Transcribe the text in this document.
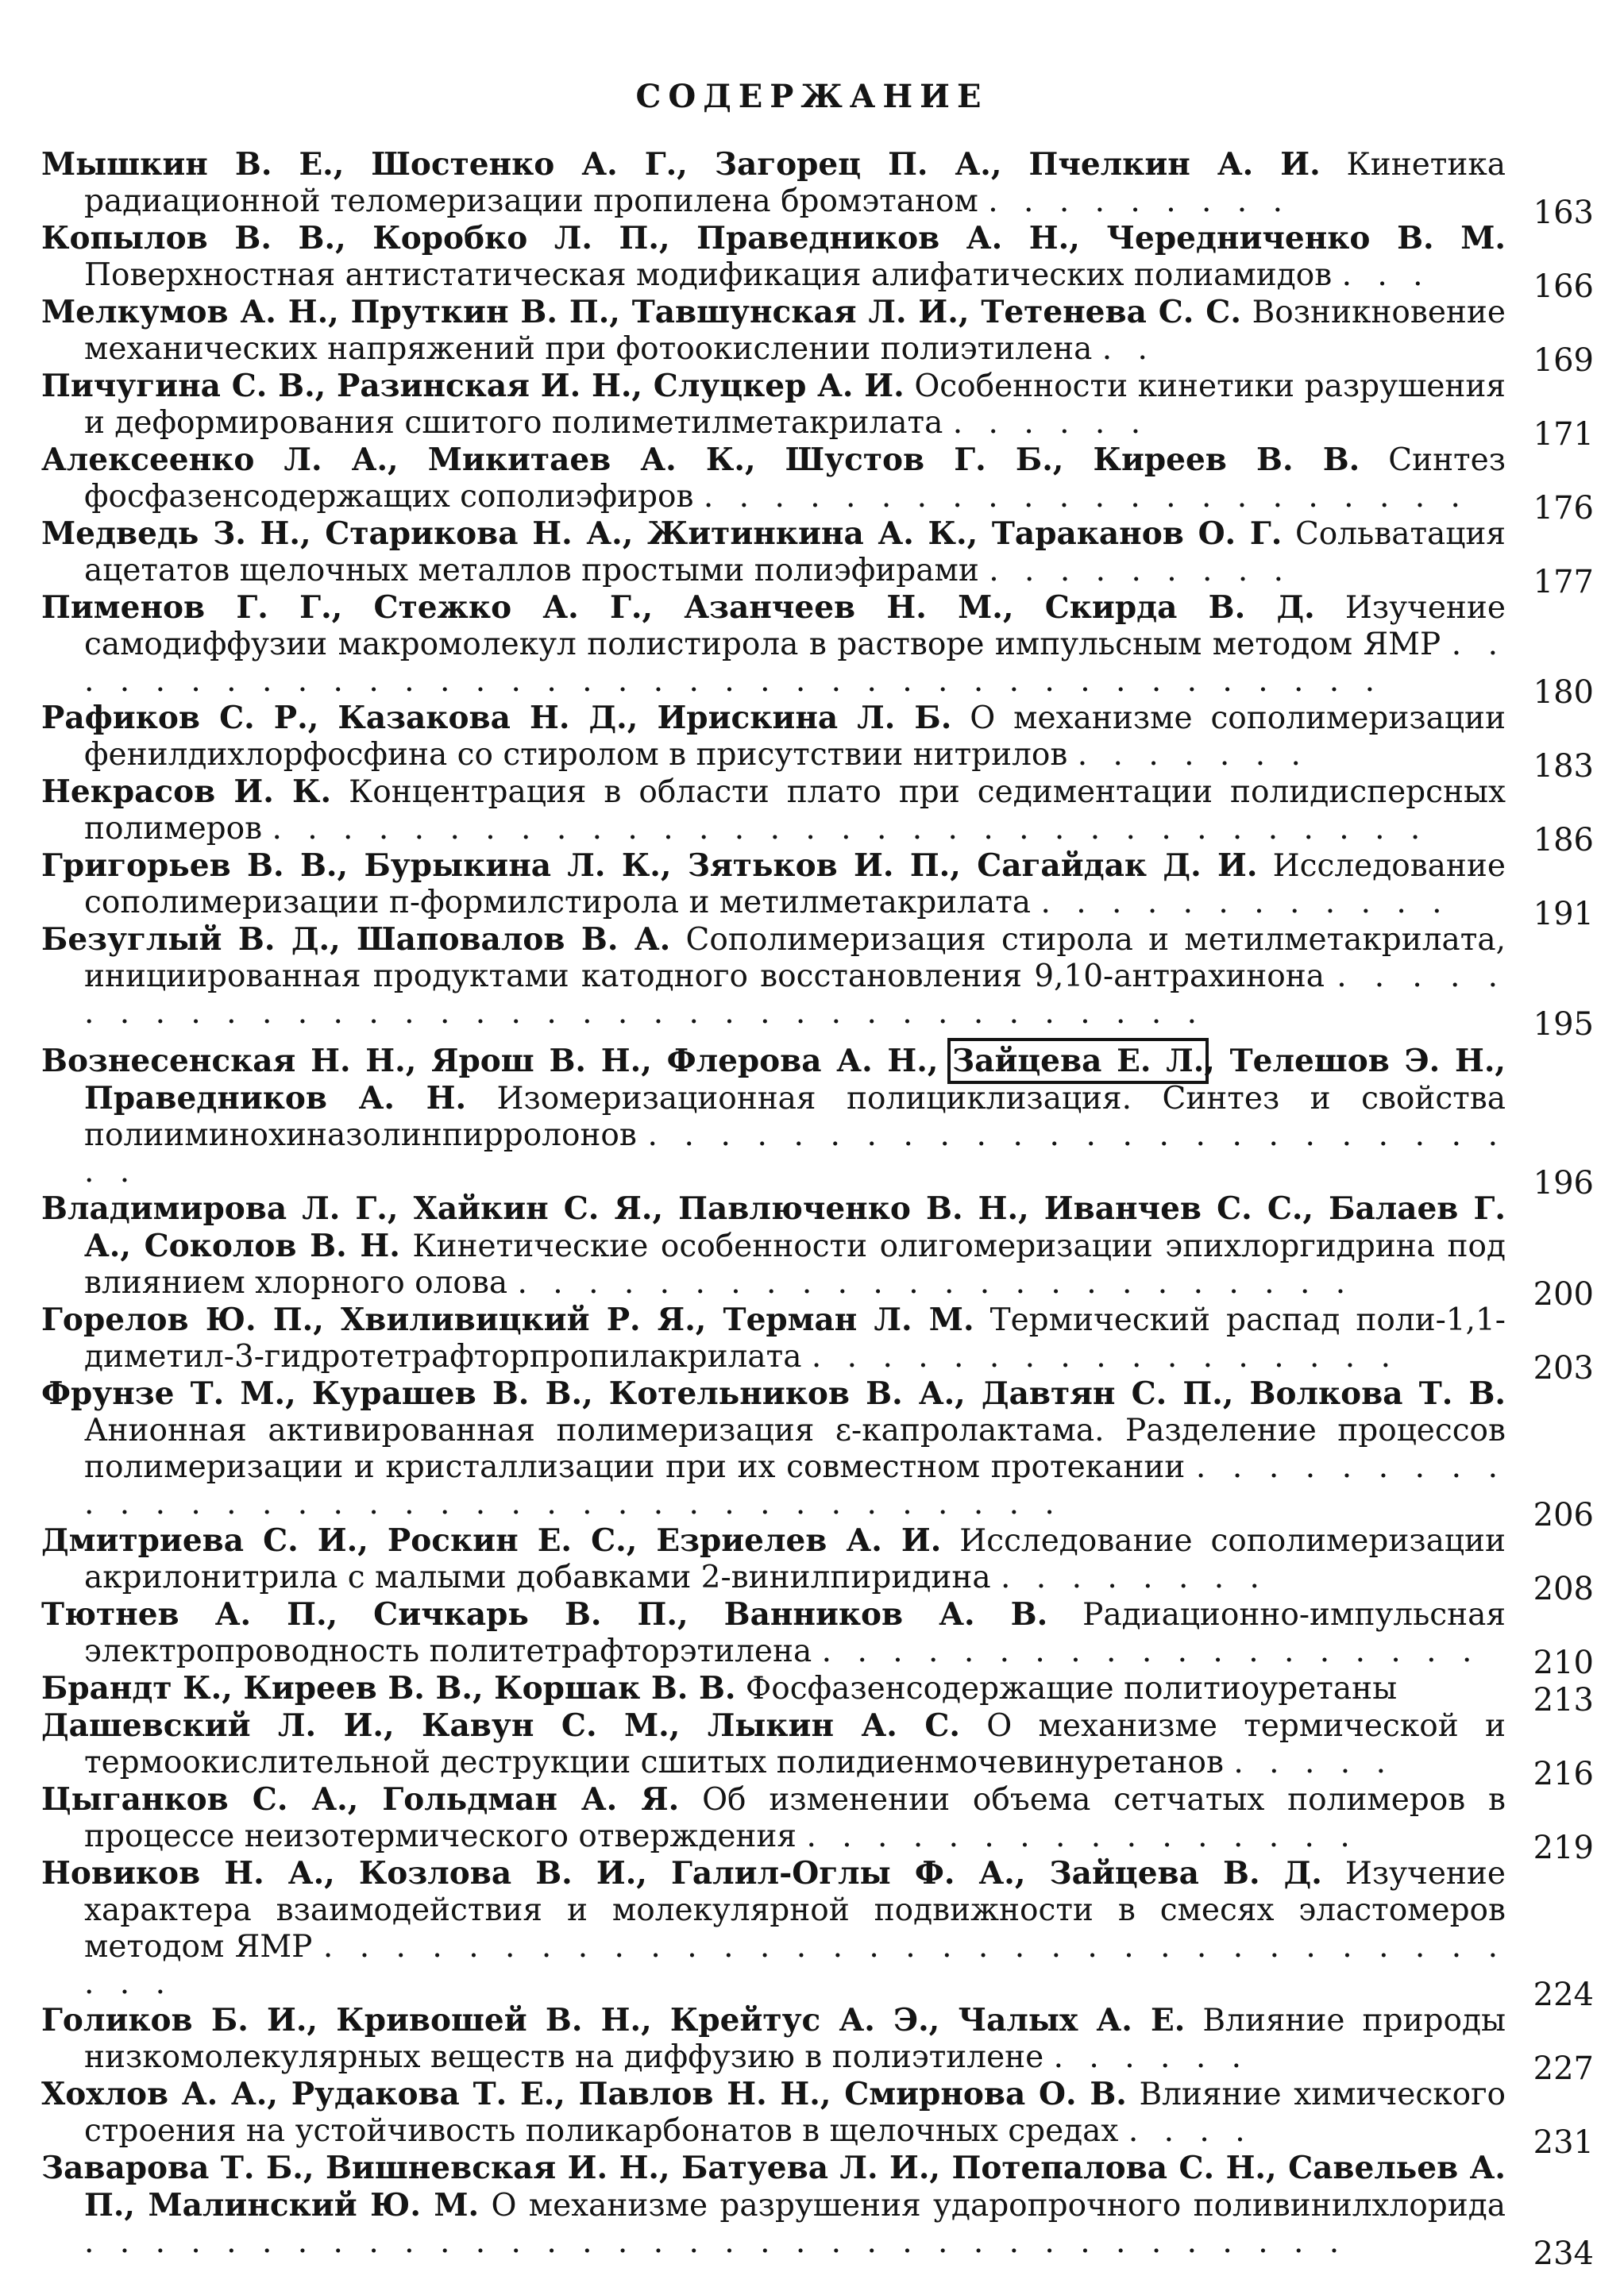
СОДЕРЖАНИЕ
Мышкин В. Е., Шостенко А. Г., Загорец П. А., Пчелкин А. И. Кинетика радиационной теломеризации пропилена бромэтаном . . . . . . . . .	163
Копылов В. В., Коробко Л. П., Праведников А. Н., Чередниченко В. М. Поверхностная антистатическая модификация алифатических полиамидов . . .	166
Мелкумов А. Н., Пруткин В. П., Тавшунская Л. И., Тетенева С. С. Возникновение механических напряжений при фотоокислении полиэтилена . .	169
Пичугина С. В., Разинская И. Н., Слуцкер А. И. Особенности кинетики разрушения и деформирования сшитого полиметилметакрилата . . . . . .	171
Алексеенко Л. А., Микитаев А. К., Шустов Г. Б., Киреев В. В. Синтез фосфазенсодержащих сополиэфиров . . . . . . . . . . . . . . . . . . . . . .	176
Медведь З. Н., Старикова Н. А., Житинкина А. К., Тараканов О. Г. Сольватация ацетатов щелочных металлов простыми полиэфирами . . . . . . . . .	177
Пименов Г. Г., Стежко А. Г., Азанчеев Н. М., Скирда В. Д. Изучение самодиффузии макромолекул полистирола в растворе импульсным методом ЯМР . . . . . . . . . . . . . . . . . . . . . . . . . . . . . . . . . . . . . . .	180
Рафиков С. Р., Казакова Н. Д., Ирискина Л. Б. О механизме сополимеризации фенилдихлорфосфина со стиролом в присутствии нитрилов . . . . . . .	183
Некрасов И. К. Концентрация в области плато при седиментации полидисперсных полимеров . . . . . . . . . . . . . . . . . . . . . . . . . . . . . . . . .	186
Григорьев В. В., Бурыкина Л. К., Зятьков И. П., Сагайдак Д. И. Исследование сополимеризации п-формилстирола и метилметакрилата . . . . . . . . . . . .	191
Безуглый В. Д., Шаповалов В. А. Сополимеризация стирола и метилметакрилата, инициированная продуктами катодного восстановления 9,10-антрахинона . . . . . . . . . . . . . . . . . . . . . . . . . . . . . . . . . . . . .	195
Вознесенская Н. Н., Ярош В. Н., Флерова А. Н., Зайцева Е. Л., Телешов Э. Н., Праведников А. Н. Изомеризационная полициклизация. Синтез и свойства полииминохиназолинпирролонов . . . . . . . . . . . . . . . . . . . . . . . . . .	196
Владимирова Л. Г., Хайкин С. Я., Павлюченко В. Н., Иванчев С. С., Балаев Г. А., Соколов В. Н. Кинетические особенности олигомеризации эпихлоргидрина под влиянием хлорного олова . . . . . . . . . . . . . . . . . . . . . . . .	200
Горелов Ю. П., Хвиливицкий Р. Я., Терман Л. М. Термический распад поли-1,1-диметил-3-гидротетрафторпропилакрилата . . . . . . . . . . . . . . . . .	203
Фрунзе Т. М., Курашев В. В., Котельников В. А., Давтян С. П., Волкова Т. В. Анионная активированная полимеризация ε-капролактама. Разделение процессов полимеризации и кристаллизации при их совместном протекании . . . . . . . . . . . . . . . . . . . . . . . . . . . . . . . . . . . . .	206
Дмитриева С. И., Роскин Е. С., Езриелев А. И. Исследование сополимеризации акрилонитрила с малыми добавками 2-винилпиридина . . . . . . . .	208
Тютнев А. П., Сичкарь В. П., Ванников А. В. Радиационно-импульсная электропроводность политетрафторэтилена . . . . . . . . . . . . . . . . . . .	210
Брандт К., Киреев В. В., Коршак В. В. Фосфазенсодержащие политиоуретаны	213
Дашевский Л. И., Кавун С. М., Лыкин А. С. О механизме термической и термоокислительной деструкции сшитых полидиенмочевинуретанов . . . . .	216
Цыганков С. А., Гольдман А. Я. Об изменении объема сетчатых полимеров в процессе неизотермического отверждения . . . . . . . . . . . . . . . .	219
Новиков Н. А., Козлова В. И., Галил-Оглы Ф. А., Зайцева В. Д. Изучение характера взаимодействия и молекулярной подвижности в смесях эластомеров методом ЯМР . . . . . . . . . . . . . . . . . . . . . . . . . . . . . . . . . . . .	224
Голиков Б. И., Кривошей В. Н., Крейтус А. Э., Чалых А. Е. Влияние природы низкомолекулярных веществ на диффузию в полиэтилене . . . . . .	227
Хохлов А. А., Рудакова Т. Е., Павлов Н. Н., Смирнова О. В. Влияние химического строения на устойчивость поликарбонатов в щелочных средах . . . .	231
Заварова Т. Б., Вишневская И. Н., Батуева Л. И., Потепалова С. Н., Савельев А. П., Малинский Ю. М. О механизме разрушения ударопрочного поливинилхлорида . . . . . . . . . . . . . . . . . . . . . . . . . . . . . . . . . . . .	234
